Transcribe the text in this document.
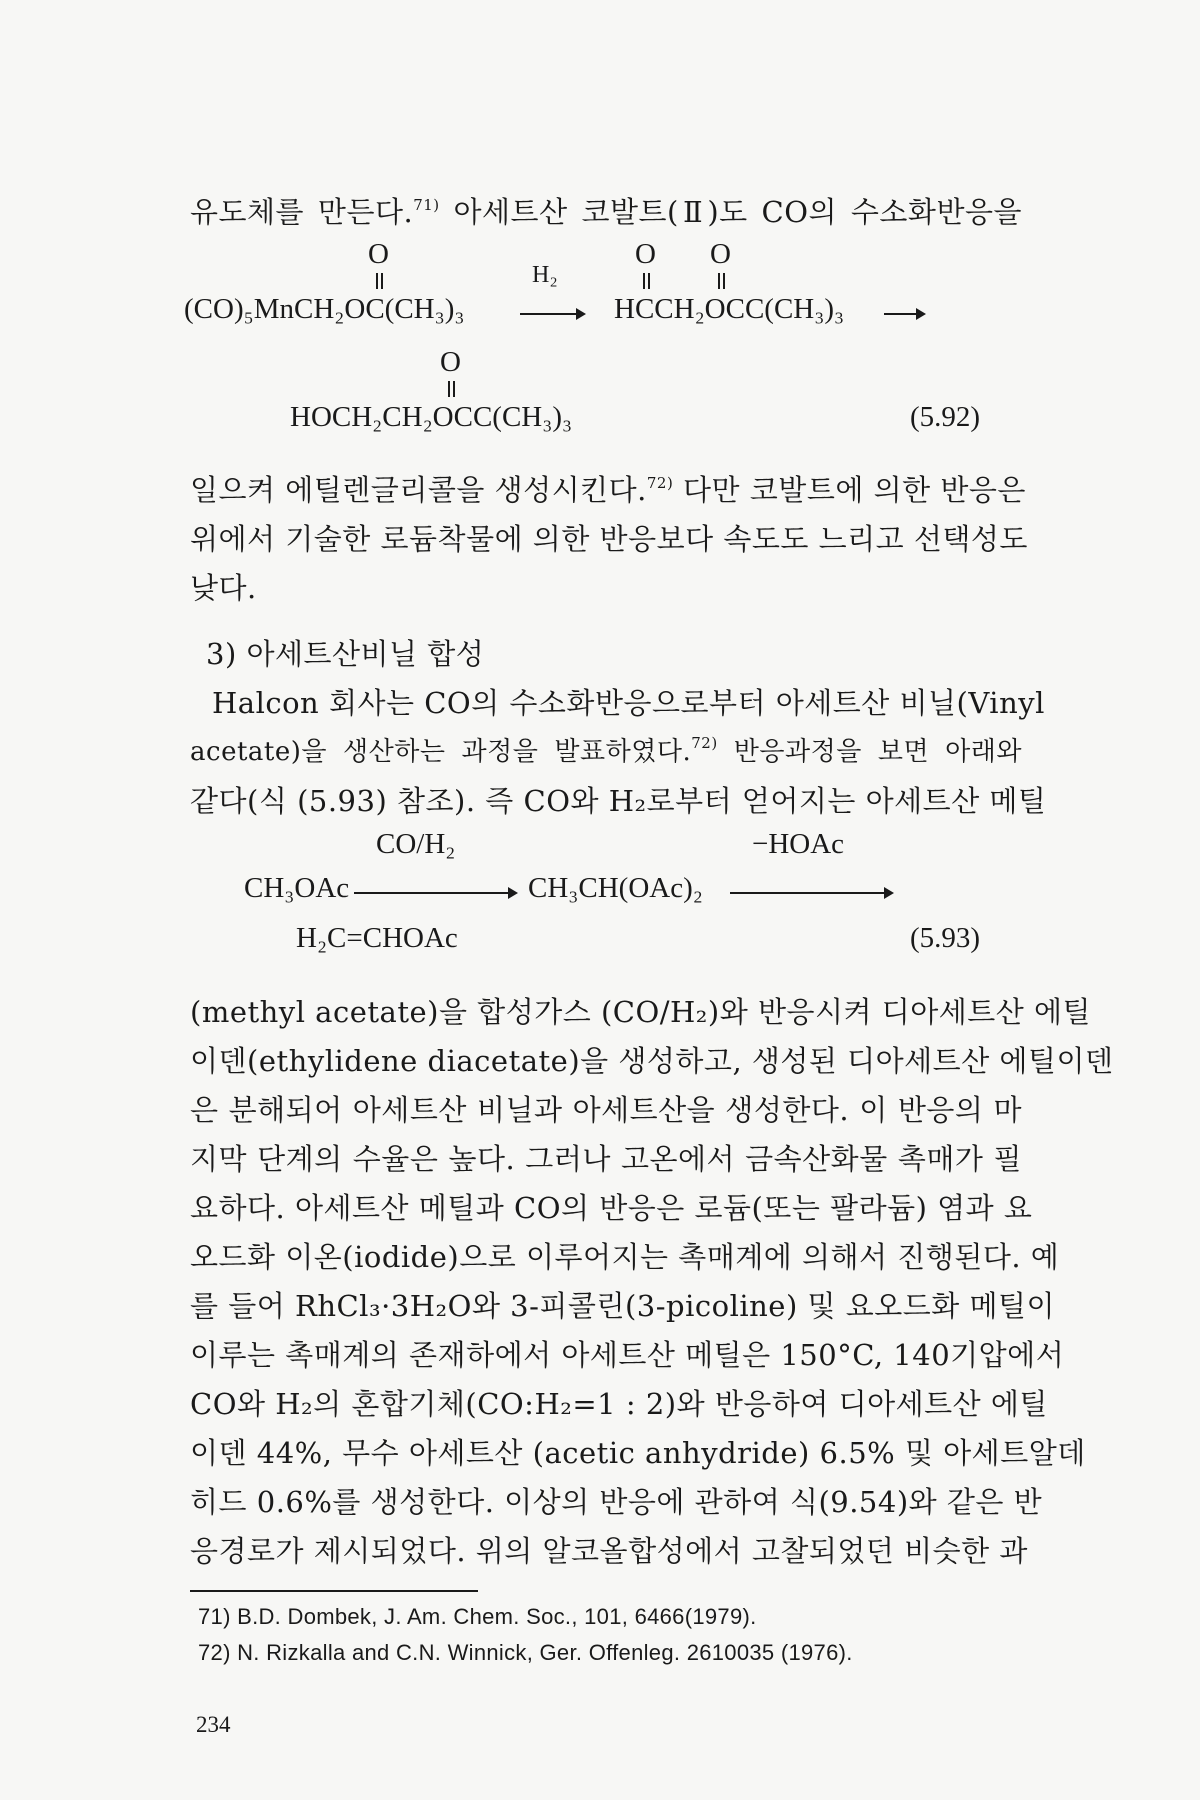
유도체를 만든다.$^{71)}$ 아세트산 코발트(Ⅱ)도 CO의 수소화반응을
O
(CO)₅MnCH₂OC(CH₃)₃
H₂
O O
HCCH₂OCC(CH₃)₃
O
HOCH₂CH₂OCC(CH₃)₃	(5.92)
일으켜 에틸렌글리콜을 생성시킨다.$^{72)}$ 다만 코발트에 의한 반응은
위에서 기술한 로듐착물에 의한 반응보다 속도도 느리고 선택성도
낮다.
3) 아세트산비닐 합성
Halcon 회사는 CO의 수소화반응으로부터 아세트산 비닐(Vinyl
acetate)을 생산하는 과정을 발표하였다.$^{72)}$ 반응과정을 보면 아래와
같다(식 (5.93) 참조). 즉 CO와 H₂로부터 얻어지는 아세트산 메틸
CO/H₂	−HOAc
CH₃OAc	CH₃CH(OAc)₂
H₂C=CHOAc	(5.93)
(methyl acetate)을 합성가스 (CO/H₂)와 반응시켜 디아세트산 에틸
이덴(ethylidene diacetate)을 생성하고, 생성된 디아세트산 에틸이덴
은 분해되어 아세트산 비닐과 아세트산을 생성한다. 이 반응의 마
지막 단계의 수율은 높다. 그러나 고온에서 금속산화물 촉매가 필
요하다. 아세트산 메틸과 CO의 반응은 로듐(또는 팔라듐) 염과 요
오드화 이온(iodide)으로 이루어지는 촉매계에 의해서 진행된다. 예
를 들어 RhCl₃·3H₂O와 3-피콜린(3-picoline) 및 요오드화 메틸이
이루는 촉매계의 존재하에서 아세트산 메틸은 150°C, 140기압에서
CO와 H₂의 혼합기체(CO:H₂=1 : 2)와 반응하여 디아세트산 에틸
이덴 44%, 무수 아세트산 (acetic anhydride) 6.5% 및 아세트알데
히드 0.6%를 생성한다. 이상의 반응에 관하여 식(9.54)와 같은 반
응경로가 제시되었다. 위의 알코올합성에서 고찰되었던 비슷한 과
71) B.D. Dombek, J. Am. Chem. Soc., 101, 6466(1979).
72) N. Rizkalla and C.N. Winnick, Ger. Offenleg. 2610035 (1976).
234
